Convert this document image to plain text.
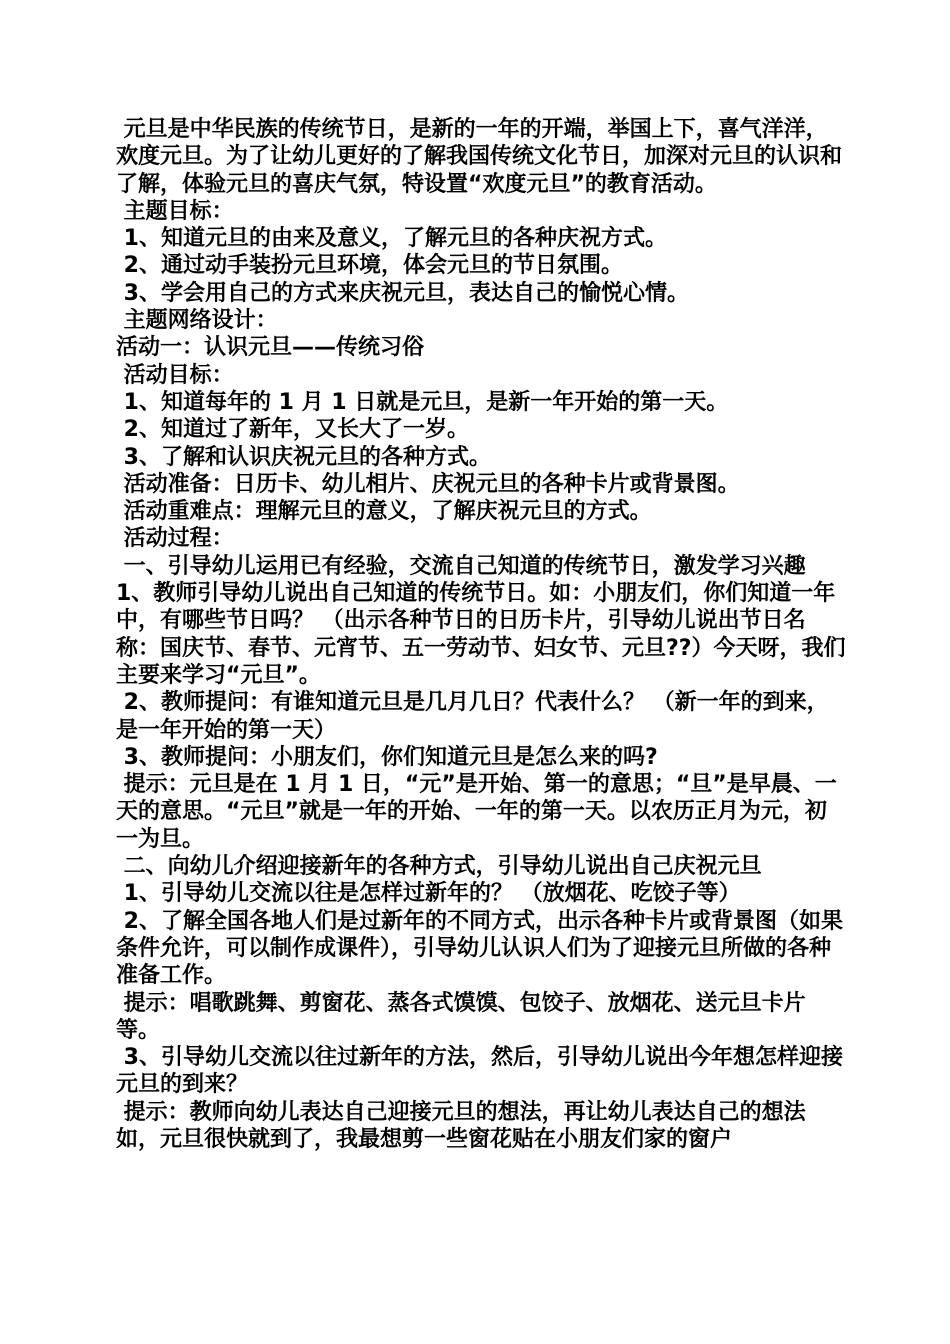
元旦是中华民族的传统节日，是新的一年的开端，举国上下，喜气洋洋，欢度元旦。为了让幼儿更好的了解我国传统文化节日，加深对元旦的认识和了解，体验元旦的喜庆气氛，特设置“欢度元旦”的教育活动。

主题目标：

1、知道元旦的由来及意义，了解元旦的各种庆祝方式。

2、通过动手装扮元旦环境，体会元旦的节日氛围。

3、学会用自己的方式来庆祝元旦，表达自己的愉悦心情。

主题网络设计：

活动一：认识元旦——传统习俗

活动目标：

1、知道每年的 1 月 1 日就是元旦，是新一年开始的第一天。

2、知道过了新年，又长大了一岁。

3、了解和认识庆祝元旦的各种方式。

活动准备：日历卡、幼儿相片、庆祝元旦的各种卡片或背景图。

活动重难点：理解元旦的意义，了解庆祝元旦的方式。

活动过程：

一、引导幼儿运用已有经验，交流自己知道的传统节日，激发学习兴趣

1、教师引导幼儿说出自己知道的传统节日。如：小朋友们，你们知道一年中，有哪些节日吗？ （出示各种节日的日历卡片，引导幼儿说出节日名称：国庆节、春节、元宵节、五一劳动节、妇女节、元旦??）今天呀，我们主要来学习“元旦”。

2、教师提问：有谁知道元旦是几月几日？代表什么？ （新一年的到来，是一年开始的第一天）

3、教师提问：小朋友们，你们知道元旦是怎么来的吗?

提示：元旦是在 1 月 1 日，“元”是开始、第一的意思；“旦”是早晨、一天的意思。“元旦”就是一年的开始、一年的第一天。以农历正月为元，初一为旦。

二、向幼儿介绍迎接新年的各种方式，引导幼儿说出自己庆祝元旦

1、引导幼儿交流以往是怎样过新年的？ （放烟花、吃饺子等）

2、了解全国各地人们是过新年的不同方式，出示各种卡片或背景图（如果条件允许，可以制作成课件），引导幼儿认识人们为了迎接元旦所做的各种准备工作。

提示：唱歌跳舞、剪窗花、蒸各式馍馍、包饺子、放烟花、送元旦卡片等。

3、引导幼儿交流以往过新年的方法，然后，引导幼儿说出今年想怎样迎接元旦的到来？

提示：教师向幼儿表达自己迎接元旦的想法，再让幼儿表达自己的想法如，元旦很快就到了，我最想剪一些窗花贴在小朋友们家的窗户
